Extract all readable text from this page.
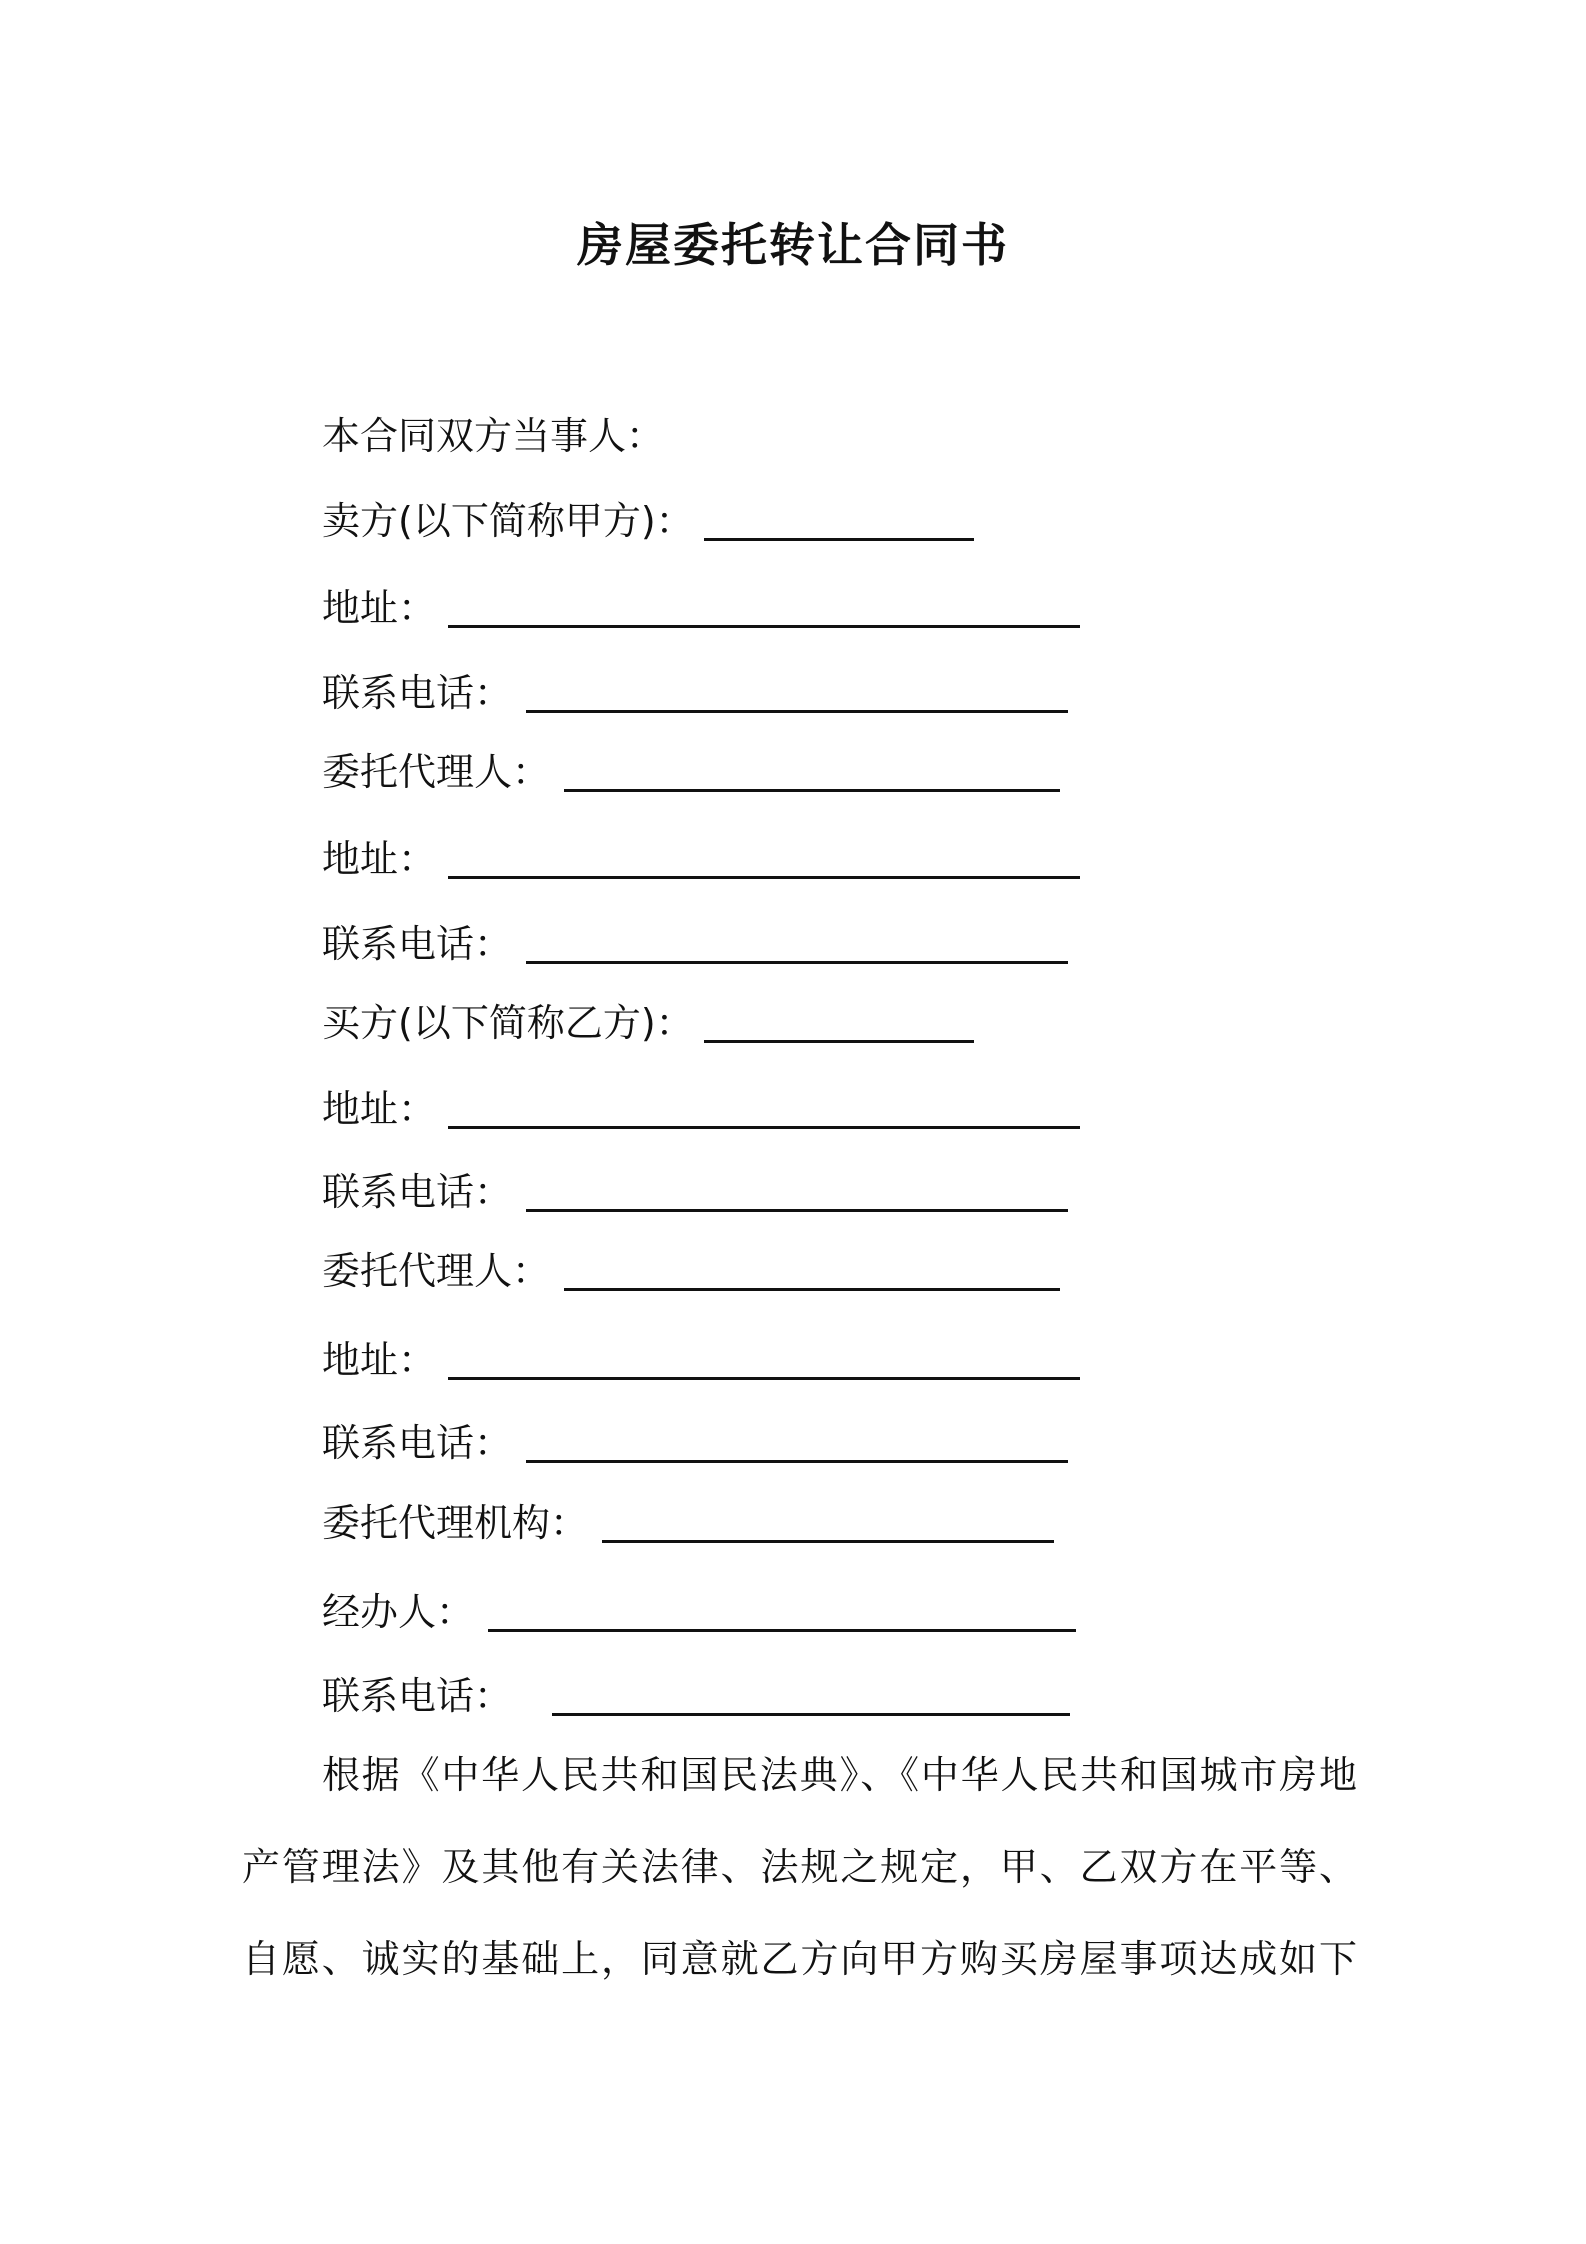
房屋委托转让合同书
本合同双方当事人：
卖方(以下简称甲方)：
地址：
联系电话：
委托代理人：
地址：
联系电话：
买方(以下简称乙方)：
地址：
联系电话：
委托代理人：
地址：
联系电话：
委托代理机构：
经办人：
联系电话：
根据《中华人民共和国民法典》、《中华人民共和国城市房地
产管理法》及其他有关法律、法规之规定，甲、乙双方在平等、
自愿、诚实的基础上，同意就乙方向甲方购买房屋事项达成如下
